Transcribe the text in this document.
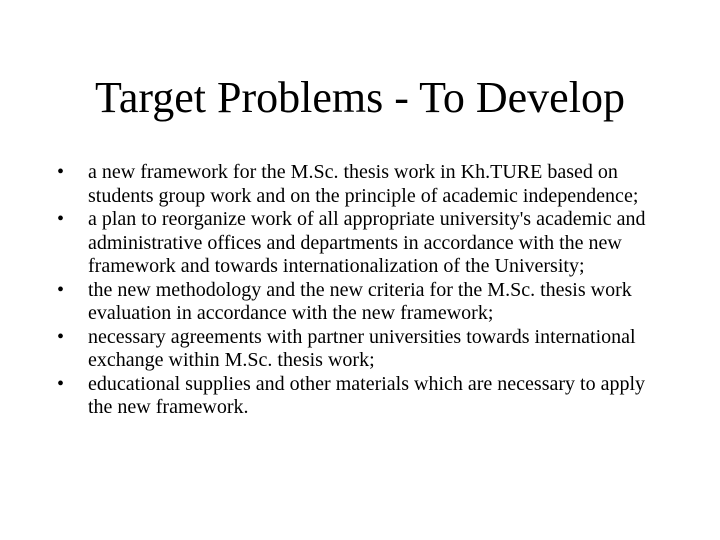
Target Problems - To Develop
•	a new framework for the M.Sc. thesis work in Kh.TURE based on
students group work and on the principle of academic independence;
•	a plan to reorganize work of all appropriate university's academic and
administrative offices and departments in accordance with the new
framework and towards internationalization of the University;
•	the new methodology and the new criteria for the M.Sc. thesis work
evaluation in accordance with the new framework;
•	necessary agreements with partner universities towards international
exchange within M.Sc. thesis work;
•	educational supplies and other materials which are necessary to apply
the new framework.
